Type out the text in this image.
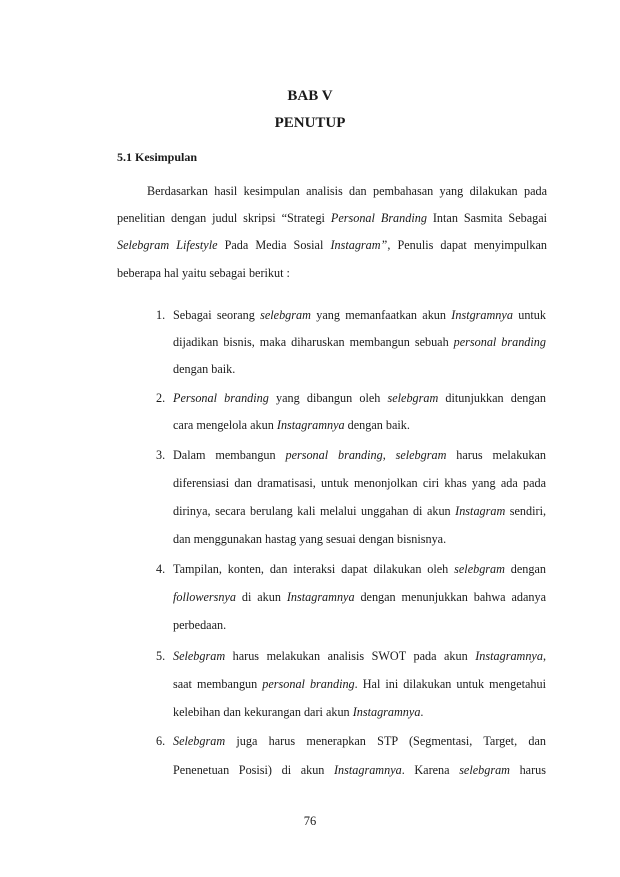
BAB V
PENUTUP
5.1 Kesimpulan
Berdasarkan hasil kesimpulan analisis dan pembahasan yang dilakukan pada
penelitian dengan judul skripsi “Strategi Personal Branding Intan Sasmita Sebagai
Selebgram Lifestyle Pada Media Sosial Instagram”, Penulis dapat menyimpulkan
beberapa hal yaitu sebagai berikut :
1. Sebagai seorang selebgram yang memanfaatkan akun Instgramnya untuk
dijadikan bisnis, maka diharuskan membangun sebuah personal branding
dengan baik.
2. Personal branding yang dibangun oleh selebgram ditunjukkan dengan
cara mengelola akun Instagramnya dengan baik.
3. Dalam membangun personal branding, selebgram harus melakukan
diferensiasi dan dramatisasi, untuk menonjolkan ciri khas yang ada pada
dirinya, secara berulang kali melalui unggahan di akun Instagram sendiri,
dan menggunakan hastag yang sesuai dengan bisnisnya.
4. Tampilan, konten, dan interaksi dapat dilakukan oleh selebgram dengan
followersnya di akun Instagramnya dengan menunjukkan bahwa adanya
perbedaan.
5. Selebgram harus melakukan analisis SWOT pada akun Instagramnya,
saat membangun personal branding. Hal ini dilakukan untuk mengetahui
kelebihan dan kekurangan dari akun Instagramnya.
6. Selebgram juga harus menerapkan STP (Segmentasi, Target, dan
Penenetuan Posisi) di akun Instagramnya. Karena selebgram harus
76
